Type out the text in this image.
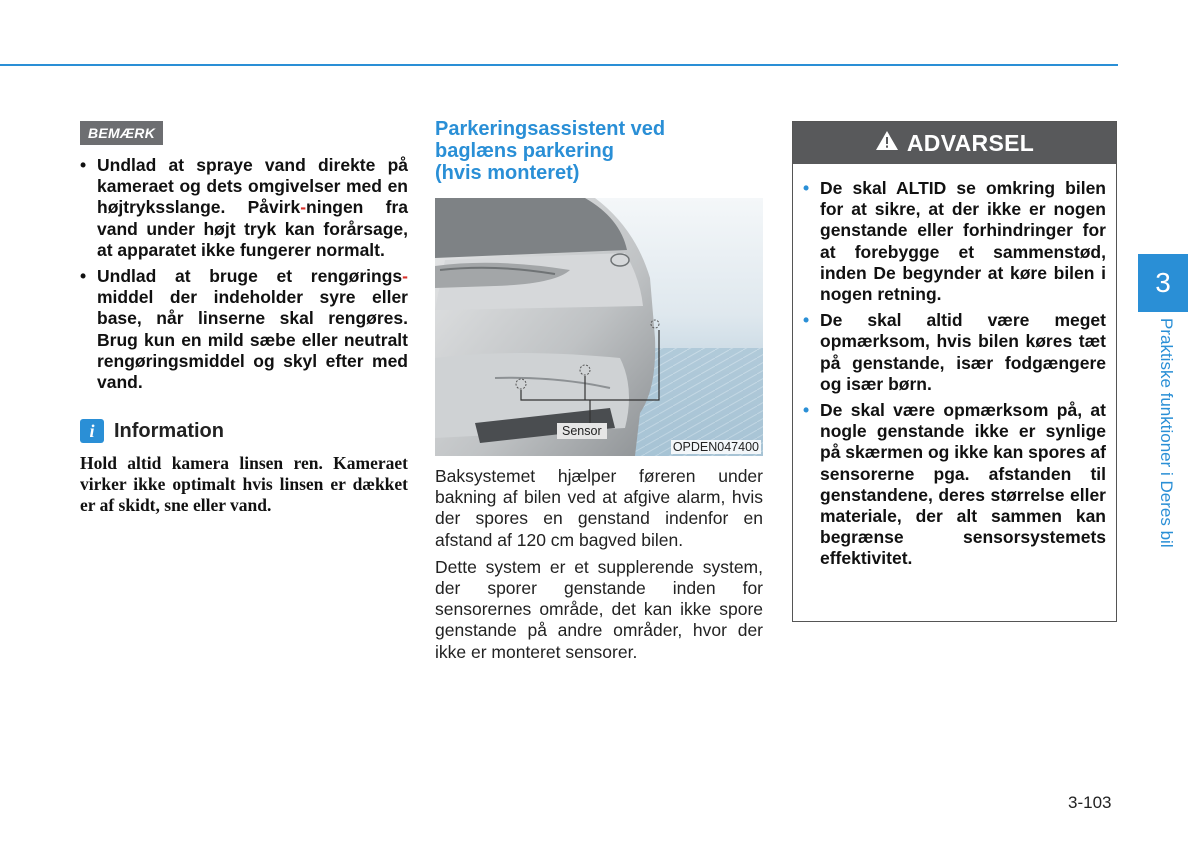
BEMÆRK
• Undlad at spraye vand direkte på kameraet og dets omgivelser med en højtryksslange. Påvirk-ningen fra vand under højt tryk kan forårsage, at apparatet ikke fungerer normalt.
• Undlad at bruge et rengørings-middel der indeholder syre eller base, når linserne skal rengøres. Brug kun en mild sæbe eller neutralt rengøringsmiddel og skyl efter med vand.
i Information
Hold altid kamera linsen ren. Kameraet virker ikke optimalt hvis linsen er dækket er af skidt, sne eller vand.
Parkeringsassistent ved
baglæns parkering
(hvis monteret)
Sensor
OPDEN047400

Baksystemet hjælper føreren under bakning af bilen ved at afgive alarm, hvis der spores en genstand indenfor en afstand af 120 cm bagved bilen.

Dette system er et supplerende system, der sporer genstande inden for sensorernes område, det kan ikke spore genstande på andre områder, hvor der ikke er monteret sensorer.

ADVARSEL
• De skal ALTID se omkring bilen for at sikre, at der ikke er nogen genstande eller forhindringer for at forebygge et sammenstød, inden De begynder at køre bilen i nogen retning.
• De skal altid være meget opmærksom, hvis bilen køres tæt på genstande, især fodgængere og især børn.
• De skal være opmærksom på, at nogle genstande ikke er synlige på skærmen og ikke kan spores af sensorerne pga. afstanden til genstandene, deres størrelse eller materiale, der alt sammen kan begrænse sensorsystemets effektivitet.
3
Praktiske funktioner i Deres bil
3-103
